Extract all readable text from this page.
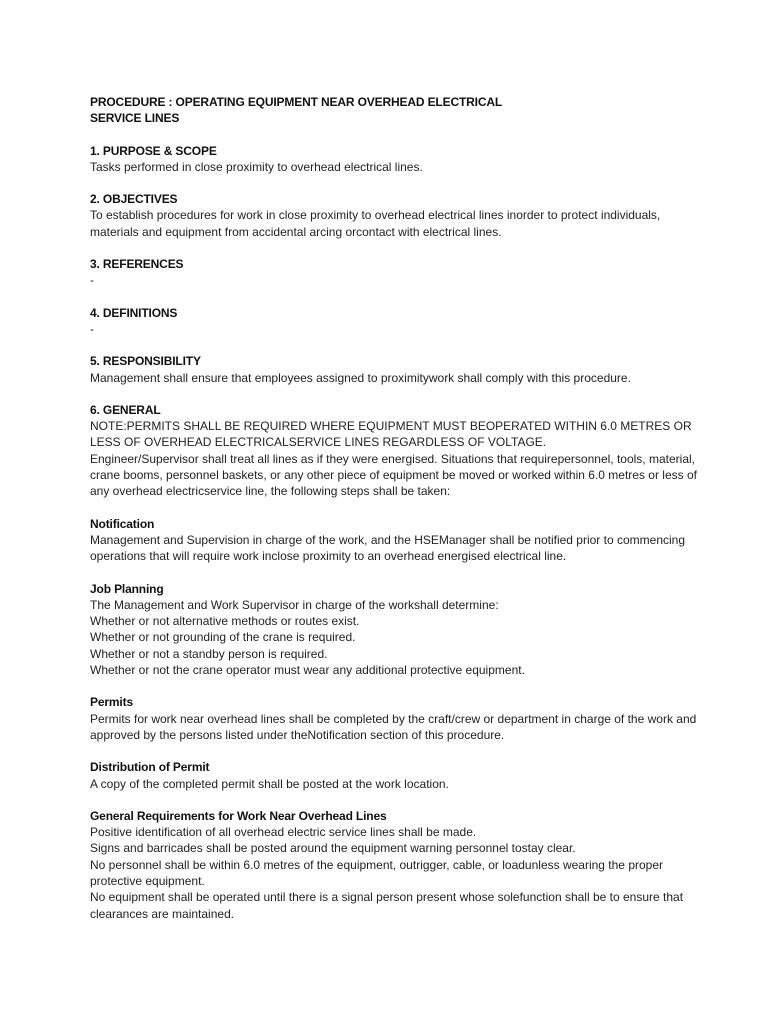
PROCEDURE : OPERATING EQUIPMENT NEAR OVERHEAD ELECTRICAL
SERVICE LINES
1. PURPOSE & SCOPE
Tasks performed in close proximity to overhead electrical lines.
2. OBJECTIVES
To establish procedures for work in close proximity to overhead electrical lines inorder to protect individuals,
materials and equipment from accidental arcing orcontact with electrical lines.
3. REFERENCES
-
4. DEFINITIONS
-
5. RESPONSIBILITY
Management shall ensure that employees assigned to proximitywork shall comply with this procedure.
6. GENERAL
NOTE:PERMITS SHALL BE REQUIRED WHERE EQUIPMENT MUST BEOPERATED WITHIN 6.0 METRES OR
LESS OF OVERHEAD ELECTRICALSERVICE LINES REGARDLESS OF VOLTAGE.
Engineer/Supervisor shall treat all lines as if they were energised. Situations that requirepersonnel, tools, material,
crane booms, personnel baskets, or any other piece of equipment be moved or worked within 6.0 metres or less of
any overhead electricservice line, the following steps shall be taken:
Notification
Management and Supervision in charge of the work, and the HSEManager shall be notified prior to commencing
operations that will require work inclose proximity to an overhead energised electrical line.
Job Planning
The Management and Work Supervisor in charge of the workshall determine:
Whether or not alternative methods or routes exist.
Whether or not grounding of the crane is required.
Whether or not a standby person is required.
Whether or not the crane operator must wear any additional protective equipment.
Permits
Permits for work near overhead lines shall be completed by the craft/crew or department in charge of the work and
approved by the persons listed under theNotification section of this procedure.
Distribution of Permit
A copy of the completed permit shall be posted at the work location.
General Requirements for Work Near Overhead Lines
Positive identification of all overhead electric service lines shall be made.
Signs and barricades shall be posted around the equipment warning personnel tostay clear.
No personnel shall be within 6.0 metres of the equipment, outrigger, cable, or loadunless wearing the proper
protective equipment.
No equipment shall be operated until there is a signal person present whose solefunction shall be to ensure that
clearances are maintained.
